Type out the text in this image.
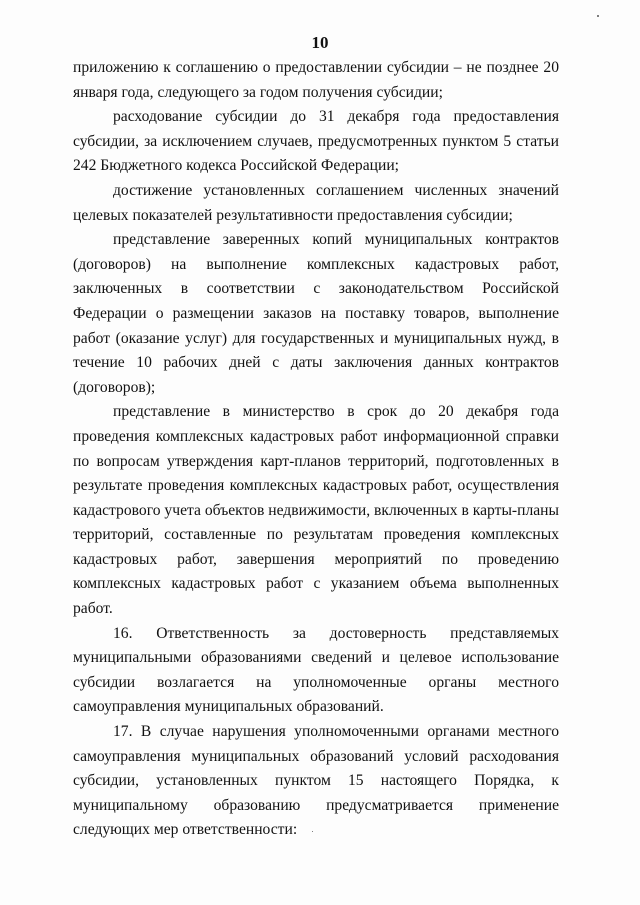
10

приложению к соглашению о предоставлении субсидии – не позднее 20 января года, следующего за годом получения субсидии;

расходование субсидии до 31 декабря года предоставления субсидии, за исключением случаев, предусмотренных пунктом 5 статьи 242 Бюджетного кодекса Российской Федерации;

достижение установленных соглашением численных значений целевых показателей результативности предоставления субсидии;

представление заверенных копий муниципальных контрактов (договоров) на выполнение комплексных кадастровых работ, заключенных в соответствии с законодательством Российской Федерации о размещении заказов на поставку товаров, выполнение работ (оказание услуг) для государственных и муниципальных нужд, в течение 10 рабочих дней с даты заключения данных контрактов (договоров);

представление в министерство в срок до 20 декабря года проведения комплексных кадастровых работ информационной справки по вопросам утверждения карт-планов территорий, подготовленных в результате проведения комплексных кадастровых работ, осуществления кадастрового учета объектов недвижимости, включенных в карты-планы территорий, составленные по результатам проведения комплексных кадастровых работ, завершения мероприятий по проведению комплексных кадастровых работ с указанием объема выполненных работ.

16. Ответственность за достоверность представляемых муниципальными образованиями сведений и целевое использование субсидии возлагается на уполномоченные органы местного самоуправления муниципальных образований.

17. В случае нарушения уполномоченными органами местного самоуправления муниципальных образований условий расходования субсидии, установленных пунктом 15 настоящего Порядка, к муниципальному образованию предусматривается применение следующих мер ответственности:
